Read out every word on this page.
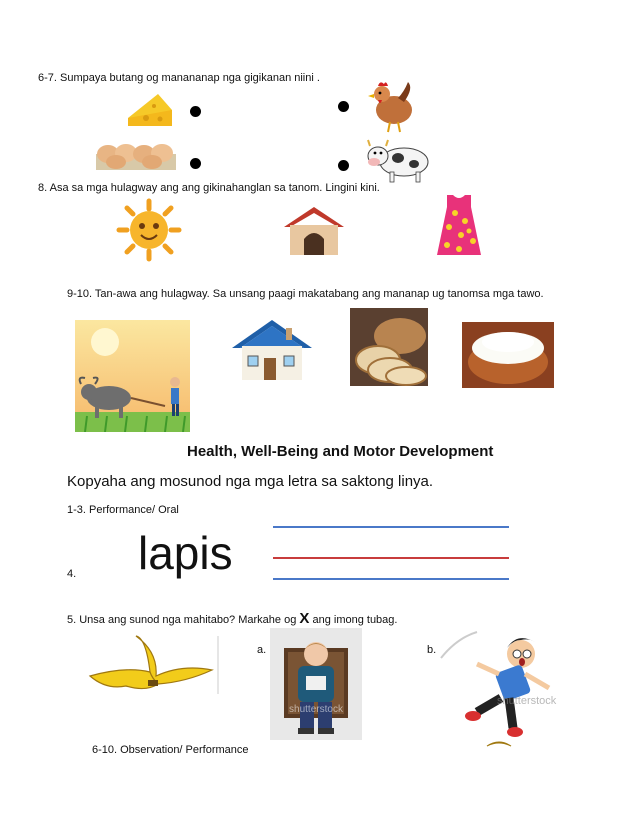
6-7. Sumpaya butang og manananap nga gigikanan niini .
8. Asa sa mga hulagway ang ang gikinahanglan sa tanom. Lingini kini.
9-10. Tan-awa ang hulagway. Sa unsang paagi makatabang ang mananap ug tanomsa mga tawo.
Health, Well-Being and Motor Development
Kopyaha ang mosunod nga mga letra sa saktong linya.
1-3. Performance/ Oral
4. lapis
5. Unsa ang sunod nga mahitabo? Markahe og X ang imong tubag.
a.
shutterstock
b.
shutterstock
6-10. Observation/ Performance
